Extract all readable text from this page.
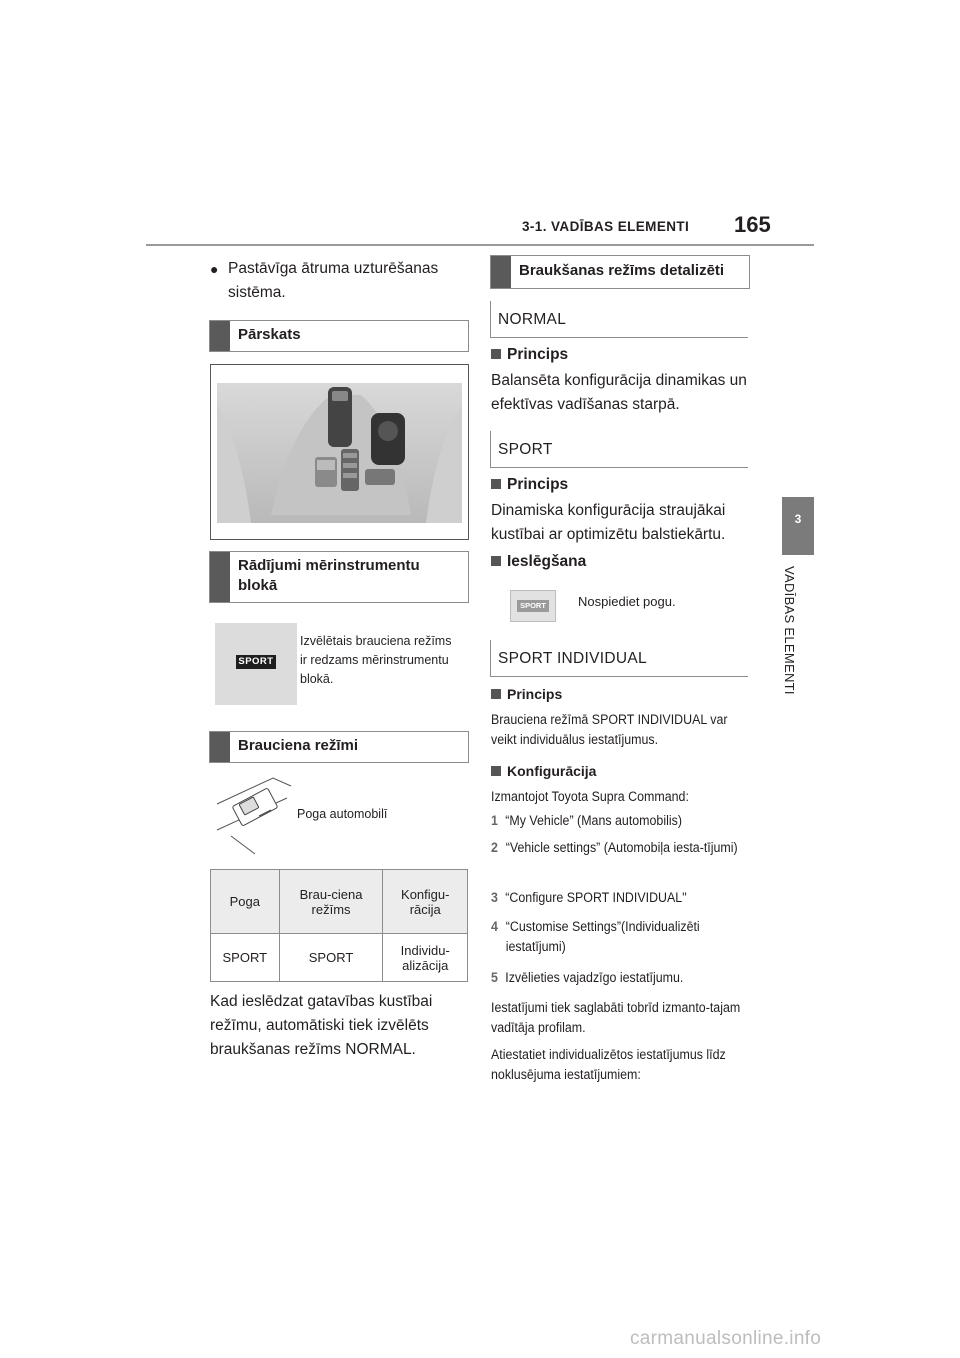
3-1. VADĪBAS ELEMENTI 165
3
VADĪBAS ELEMENTI
● Pastāvīga ātruma uzturēšanas sistēma.
Pārskats
Rādījumi mērinstrumentu blokā
SPORT
Izvēlētais brauciena režīms ir redzams mērinstrumentu blokā.
Brauciena režīmi
Poga automobilī
Poga	Brau-ciena režīms	Konfigu-rācija
SPORT	SPORT	Individu-alizācija
Kad ieslēdzat gatavības kustībai režīmu, automātiski tiek izvēlēts braukšanas režīms NORMAL.
Braukšanas režīms detalizēti
NORMAL
Princips
Balansēta konfigurācija dinamikas un efektīvas vadīšanas starpā.
SPORT
Princips
Dinamiska konfigurācija straujākai kustībai ar optimizētu balstiekārtu.
Ieslēgšana
SPORT Nospiediet pogu.
SPORT INDIVIDUAL
Princips
Brauciena režīmā SPORT INDIVIDUAL var veikt individuālus iestatījumus.
Konfigurācija
Izmantojot Toyota Supra Command:
1 “My Vehicle” (Mans automobilis)
2 “Vehicle settings” (Automobiļa iesta-tījumi)
3 “Configure SPORT INDIVIDUAL"
4 “Customise Settings”(Individualizēti iestatījumi)
5 Izvēlieties vajadzīgo iestatījumu.
Iestatījumi tiek saglabāti tobrīd izmanto-tajam vadītāja profilam.
Atiestatiet individualizētos iestatījumus līdz noklusējuma iestatījumiem:
carmanualsonline.info
